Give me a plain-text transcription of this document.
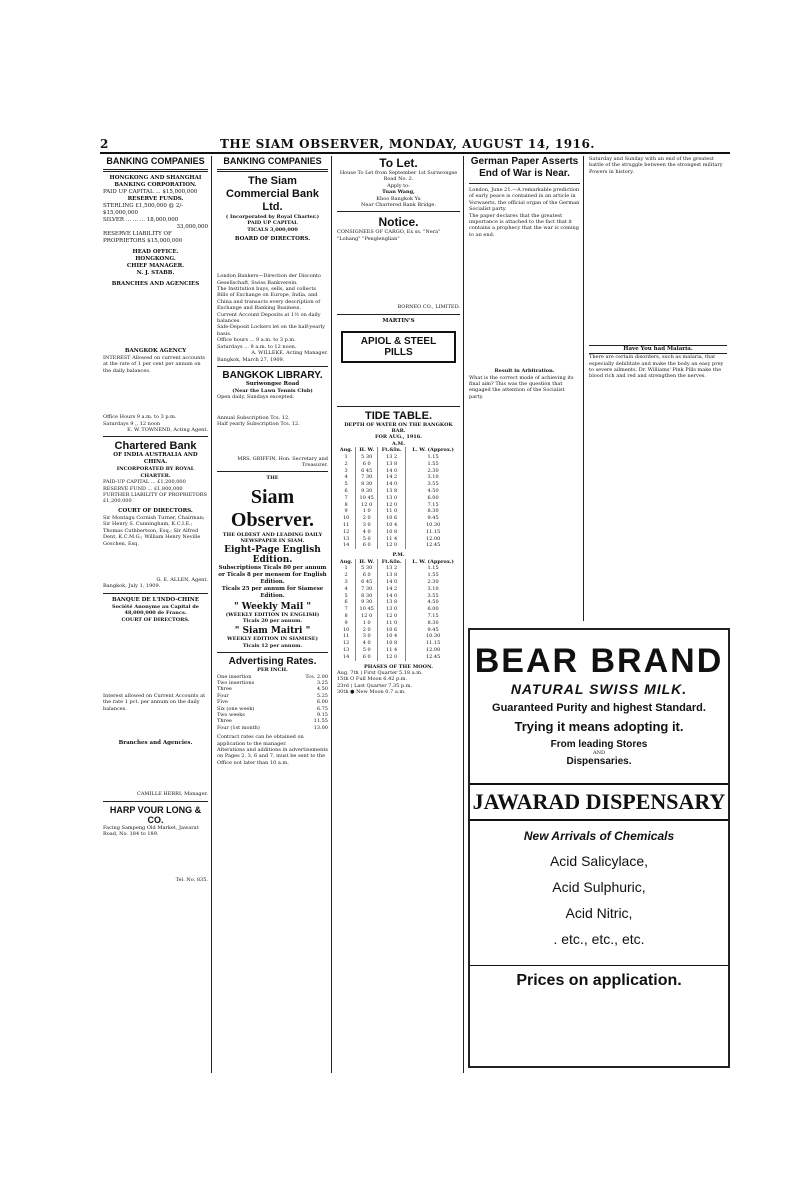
2	THE SIAM OBSERVER, MONDAY, AUGUST 14, 1916.
BANKING COMPANIES
HONGKONG AND SHANGHAI BANKING CORPORATION.
PAID UP CAPITAL ... $15,000,000
RESERVE FUNDS.
STERLING £1,500,000 @ 2/- $15,000,000
SILVER ... ... ... 18,000,000
33,000,000
RESERVE LIABILITY OF PROPRIETORS $15,000,000
HEAD OFFICE.
HONGKONG.
CHIEF MANAGER.
N. J. STABB.
BRANCHES AND AGENCIES
BANGKOK AGENCY
INTEREST Allowed on current accounts at the rate of 1 per cent per annum on the daily balances.
Office Hours 9 a.m. to 3 p.m.
Saturdays 9 ,, 12 noon
E. W. TOWNEND, Acting Agent.
Chartered Bank
OF INDIA AUSTRALIA AND CHINA.
INCORPORATED BY ROYAL CHARTER.
PAID-UP CAPITAL ... £1,200,000
RESERVE FUND ... £1,800,000
FURTHER LIABILITY OF PROPRIETORS £1,200,000
COURT OF DIRECTORS.
Sir Montagu Cornish Turner, Chairman; Sir Henry S. Cunningham, K.C.I.E.; Thomas Cuthbertson, Esq.; Sir Alfred Dent, K.C.M.G.; William Henry Neville Goschen, Esq.
G. E. ALLEN, Agent.
Bangkok, July 1, 1909.
BANQUE DE L'INDO-CHINE
Société Anonyme au Capital de 48,000,000 de Francs.
COURT OF DIRECTORS.
Interest allowed on Current Accounts at the rate 1 pct. per annum on the daily balances.
Branches and Agencies.
CAMILLE HERRI, Manager.
HARP VOUR LONG & CO.
Facing Sampeng Old Market, Jawarat Road, No. 184 to 189.
Tel. No. 835.
BANKING COMPANIES
The Siam Commercial Bank Ltd.
( Incorporated by Royal Charter.)
PAID UP CAPITAL
TICALS 3,000,000
BOARD OF DIRECTORS.
London Bankers—Direction der Disconto Gesellschaft, Swiss Bankverein.
The Institution buys, sells, and collects Bills of Exchange on Europe, India, and China and transacts every description of Exchange and Banking Business.
Current Account Deposits at 1½ on daily balances.
Safe-Deposit Lockers let on the half-yearly basis.
Office hours ... 9 a.m. to 3 p.m.
Saturdays ... 9 a.m. to 12 noon.
A. WILLEKE, Acting Manager.
Bangkok, March 27, 1909.
BANGKOK LIBRARY.
Suriwongse Road
(Near the Lawn Tennis Club)
Open daily, Sundays excepted.
Annual Subscription Tcs. 12.
Half yearly Subscription Tcs. 12.
MRS. GRIFFIN, Hon. Secretary and Treasurer.
THE
Siam Observer.
THE OLDEST AND LEADING DAILY NEWSPAPER IN SIAM.
Eight-Page English Edition.
Subscriptions Ticals 80 per annum or Ticals 8 per mensem for English Edition.
Ticals 25 per annum for Siamese Edition.
" Weekly Mail "
(WEEKLY EDITION IN ENGLISH)
Ticals 20 per annum.
" Siam Maitri "
WEEKLY EDITION IN SIAMESE)
Ticals 12 per annum.
Advertising Rates.
PER INCH.
One insertion	Tcs. 2.00
Two insertions	3.25
Three	4.50
Four	5.25
Five	6.00
Six (one week)	6.75
Two weeks	9.15
Three	11.55
Four (1st month)	13.00
Contract rates can be obtained on application to the manager.
Alterations and additions in advertisements on Pages 2, 3, 6 and 7, must be sent to the Office not later than 10 a.m.
To Let.
House To Let from September 1st Suriwongse Road No. 2.
Apply to:
Tuan Wang,
Khoo Bangkok Yu
Near Chartered Bank Bridge.
Notice.
CONSIGNEES OF CARGO, Ex ss. "Nera" "Lohang" "Penglenglian"
BORNEO CO., LIMITED.
MARTIN'S
APIOL & STEEL PILLS
TIDE TABLE.
DEPTH OF WATER ON THE BANGKOK BAR.
FOR AUG., 1916.
A.M.
Aug.	H. W.	Ft.&In.	L. W. (Approx.)
1	5 30	13 2	1.15
2	6 0	13 8	1.55
3	6 45	14 0	2.30
4	7 30	14 2	3.10
5	8 30	14 0	3.55
6	9 30	13 8	4.50
7	10 45	13 0	6.00
8	12 0	12 0	7.15
9	1 0	11 0	8.30
10	2 0	10 6	9.45
11	3 0	10 4	10.30
12	4 0	10 8	11.15
13	5 0	11 4	12.00
14	6 0	12 0	12.45
P.M.
Aug.	H. W.	Ft.&In.	L. W. (Approx.)
1	5 30	13 2	1.15
2	6 0	13 8	1.55
3	6 45	14 0	2.30
4	7 30	14 2	3.10
5	8 30	14 0	3.55
6	9 30	13 8	4.50
7	10 45	13 0	6.00
8	12 0	12 0	7.15
9	1 0	11 0	8.30
10	2 0	10 6	9.45
11	3 0	10 4	10.30
12	4 0	10 8	11.15
13	5 0	11 4	12.00
14	6 0	12 0	12.45
PHASES OF THE MOON.
Aug. 7th ) First Quarter 5.18 a.m.
15th O Full Moon 6.42 p.m.
23rd ( Last Quarter 7.35 p.m.
30th ● New Moon 0.7 a.m.
German Paper Asserts End of War is Near.
London, June 21.—A remarkable prediction of early peace is contained in an article in Vorwaerts, the official organ of the German Socialist party.
The paper declares that the greatest importance is attached to the fact that it contains a prophecy that the war is coming to an end.
Result in Arbitration.
What is the correct mode of achieving its final aim? This was the question that engaged the attention of the Socialist party.
Saturday and Sunday with an end of the greatest battle of the struggle between the strongest military Powers in history.
Have You had Malaria.
There are certain disorders, such as malaria, that especially debilitate and make the body an easy prey to severe ailments. Dr. Williams' Pink Pills make the blood rich and red and strengthen the nerves.
BEAR BRAND
NATURAL SWISS MILK.
Guaranteed Purity and highest Standard.
Trying it means adopting it.
From leading Stores
AND
Dispensaries.
JAWARAD DISPENSARY
New Arrivals of Chemicals
Acid Salicylace,
Acid Sulphuric,
Acid Nitric,
. etc., etc., etc.
Prices on application.
